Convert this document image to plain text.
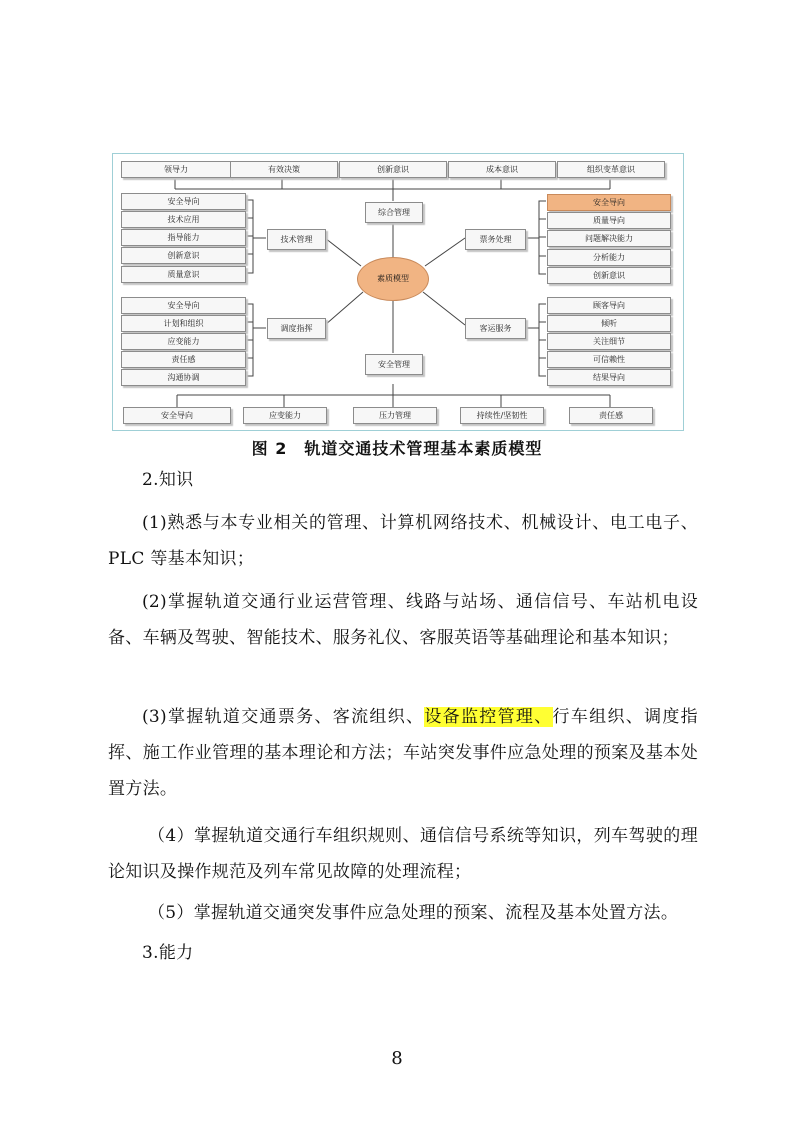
领导力	有效决策	创新意识	成本意识	组织变革意识
综合管理
技术管理
调度指挥
票务处理
客运服务
安全管理
素质模型
安全导向
技术应用
指导能力
创新意识
质量意识
安全导向
计划和组织
应变能力
责任感
沟通协调
安全导向
质量导向
问题解决能力
分析能力
创新意识
顾客导向
倾听
关注细节
可信赖性
结果导向
安全导向	应变能力	压力管理	持续性/坚韧性	责任感
图 2　轨道交通技术管理基本素质模型
2.知识
(1)熟悉与本专业相关的管理、计算机网络技术、机械设计、电工电子、PLC 等基本知识；
(2)掌握轨道交通行业运营管理、线路与站场、通信信号、车站机电设备、车辆及驾驶、智能技术、服务礼仪、客服英语等基础理论和基本知识；
(3)掌握轨道交通票务、客流组织、设备监控管理、行车组织、调度指挥、施工作业管理的基本理论和方法；车站突发事件应急处理的预案及基本处置方法。
（4）掌握轨道交通行车组织规则、通信信号系统等知识，列车驾驶的理论知识及操作规范及列车常见故障的处理流程；
（5）掌握轨道交通突发事件应急处理的预案、流程及基本处置方法。
3.能力
8
